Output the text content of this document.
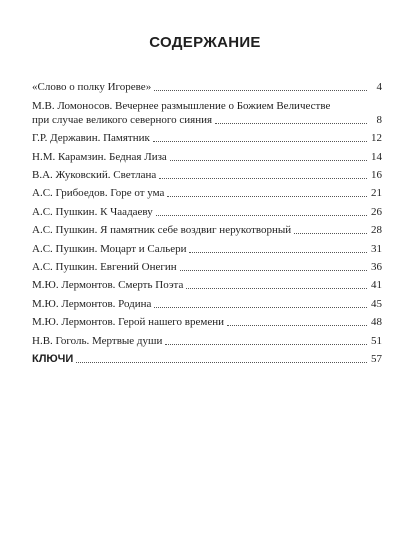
СОДЕРЖАНИЕ
«Слово о полку Игореве»	4
М.В. Ломоносов. Вечернее размышление о Божием Величестве
при случае великого северного сияния	8
Г.Р. Державин. Памятник	12
Н.М. Карамзин. Бедная Лиза	14
В.А. Жуковский. Светлана	16
А.С. Грибоедов. Горе от ума	21
А.С. Пушкин. К Чаадаеву	26
А.С. Пушкин. Я памятник себе воздвиг нерукотворный	28
А.С. Пушкин. Моцарт и Сальери	31
А.С. Пушкин. Евгений Онегин	36
М.Ю. Лермонтов. Смерть Поэта	41
М.Ю. Лермонтов. Родина	45
М.Ю. Лермонтов. Герой нашего времени	48
Н.В. Гоголь. Мертвые души	51
КЛЮЧИ	57
